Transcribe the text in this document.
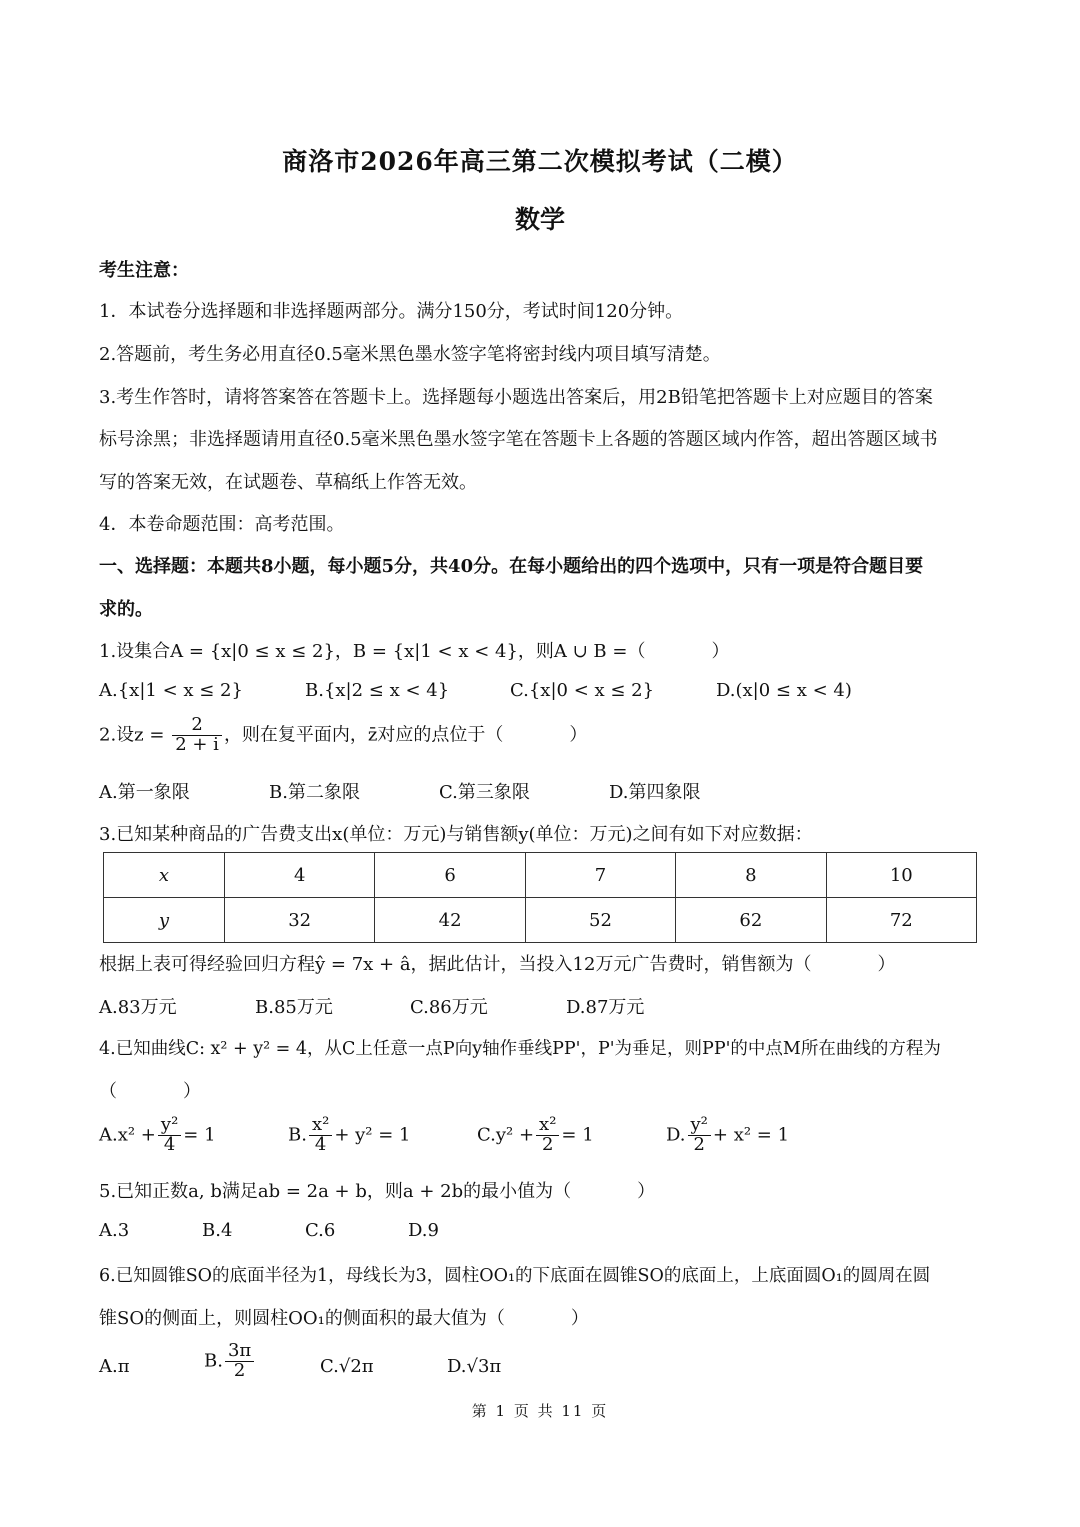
商洛市2026年高三第二次模拟考试（二模）
数学
考生注意：
1．本试卷分选择题和非选择题两部分。满分150分，考试时间120分钟。
2.答题前，考生务必用直径0.5毫米黑色墨水签字笔将密封线内项目填写清楚。
3.考生作答时，请将答案答在答题卡上。选择题每小题选出答案后，用2B铅笔把答题卡上对应题目的答案
标号涂黑；非选择题请用直径0.5毫米黑色墨水签字笔在答题卡上各题的答题区域内作答，超出答题区域书
写的答案无效，在试题卷、草稿纸上作答无效。
4．本卷命题范围：高考范围。
一、选择题：本题共8小题，每小题5分，共40分。在每小题给出的四个选项中，只有一项是符合题目要
求的。
1.设集合A = {x|0 ≤ x ≤ 2}，B = {x|1 < x < 4}，则A ∪ B =（	）
A.{x|1 < x ≤ 2}	B.{x|2 ≤ x < 4}	C.{x|0 < x ≤ 2}	D.(x|0 ≤ x < 4)
2.设$z = \frac{2}{2 + i}$ ，则在复平面内，z̄对应的点位于（	）
A.第一象限	B.第二象限	C.第三象限	D.第四象限
3.已知某种商品的广告费支出x(单位：万元)与销售额y(单位：万元)之间有如下对应数据：
x	4	6	7	8	10
y	32	42	52	62	72
根据上表可得经验回归方程ŷ = 7x + â，据此估计，当投入12万元广告费时，销售额为（	）
A.83万元	B.85万元	C.86万元	D.87万元
4.已知曲线C: x² + y² = 4，从C上任意一点P向y轴作垂线PP'，P'为垂足，则PP'的中点M所在曲线的方程为
（	）
$A.x^2 + \frac{\text{y²}}{4} = 1$	B. $\frac{\text{x²}}{4} + y^2 = 1$	$C.y^2 + \frac{\text{x²}}{2} = 1$	D. $\frac{\text{y²}}{2} + x^2 = 1$
5.已知正数a, b满足ab = 2a + b，则a + 2b的最小值为（	）
A.3	B.4	C.6	D.9
6.已知圆锥SO的底面半径为1，母线长为3，圆柱OO₁的下底面在圆锥SO的底面上，上底面圆O₁的圆周在圆
锥SO的侧面上，则圆柱OO₁的侧面积的最大值为（	）
A.π	B. $\frac{3\pi}{2}$	C.√2π	D.√3π
第 1 页 共 11 页
